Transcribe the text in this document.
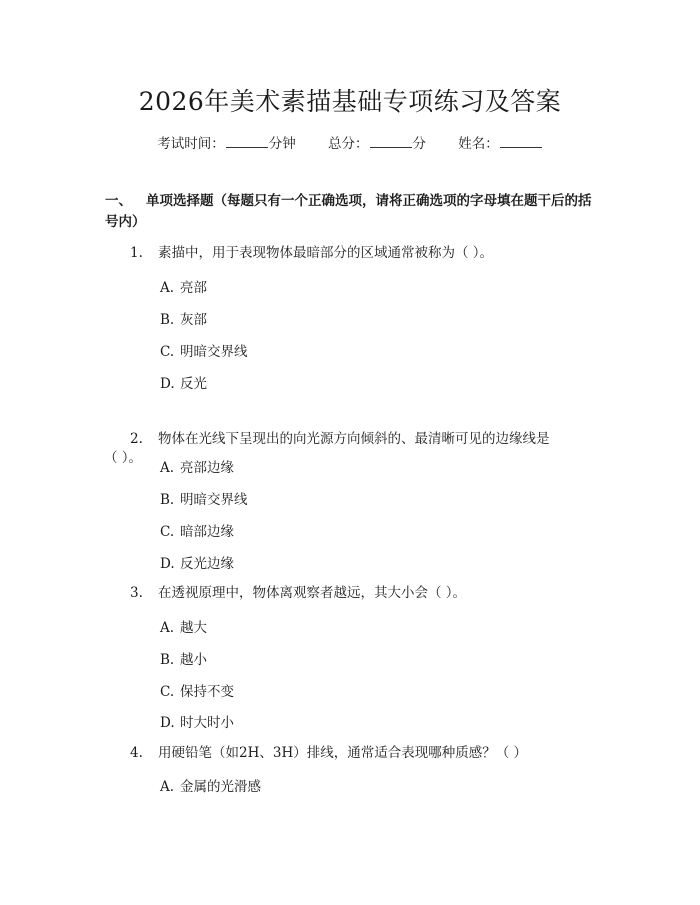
2026年美术素描基础专项练习及答案
考试时间：	分钟 总分：	分 姓名：
一、 单项选择题（每题只有一个正确选项，请将正确选项的字母填在题干后的括号内）
1. 素描中，用于表现物体最暗部分的区域通常被称为（ ）。
A. 亮部
B. 灰部
C. 明暗交界线
D. 反光
2. 物体在光线下呈现出的向光源方向倾斜的、最清晰可见的边缘线是
（ ）。
A. 亮部边缘
B. 明暗交界线
C. 暗部边缘
D. 反光边缘
3. 在透视原理中，物体离观察者越远，其大小会（ ）。
A. 越大
B. 越小
C. 保持不变
D. 时大时小
4. 用硬铅笔（如2H、3H）排线，通常适合表现哪种质感？（ ）
A. 金属的光滑感
